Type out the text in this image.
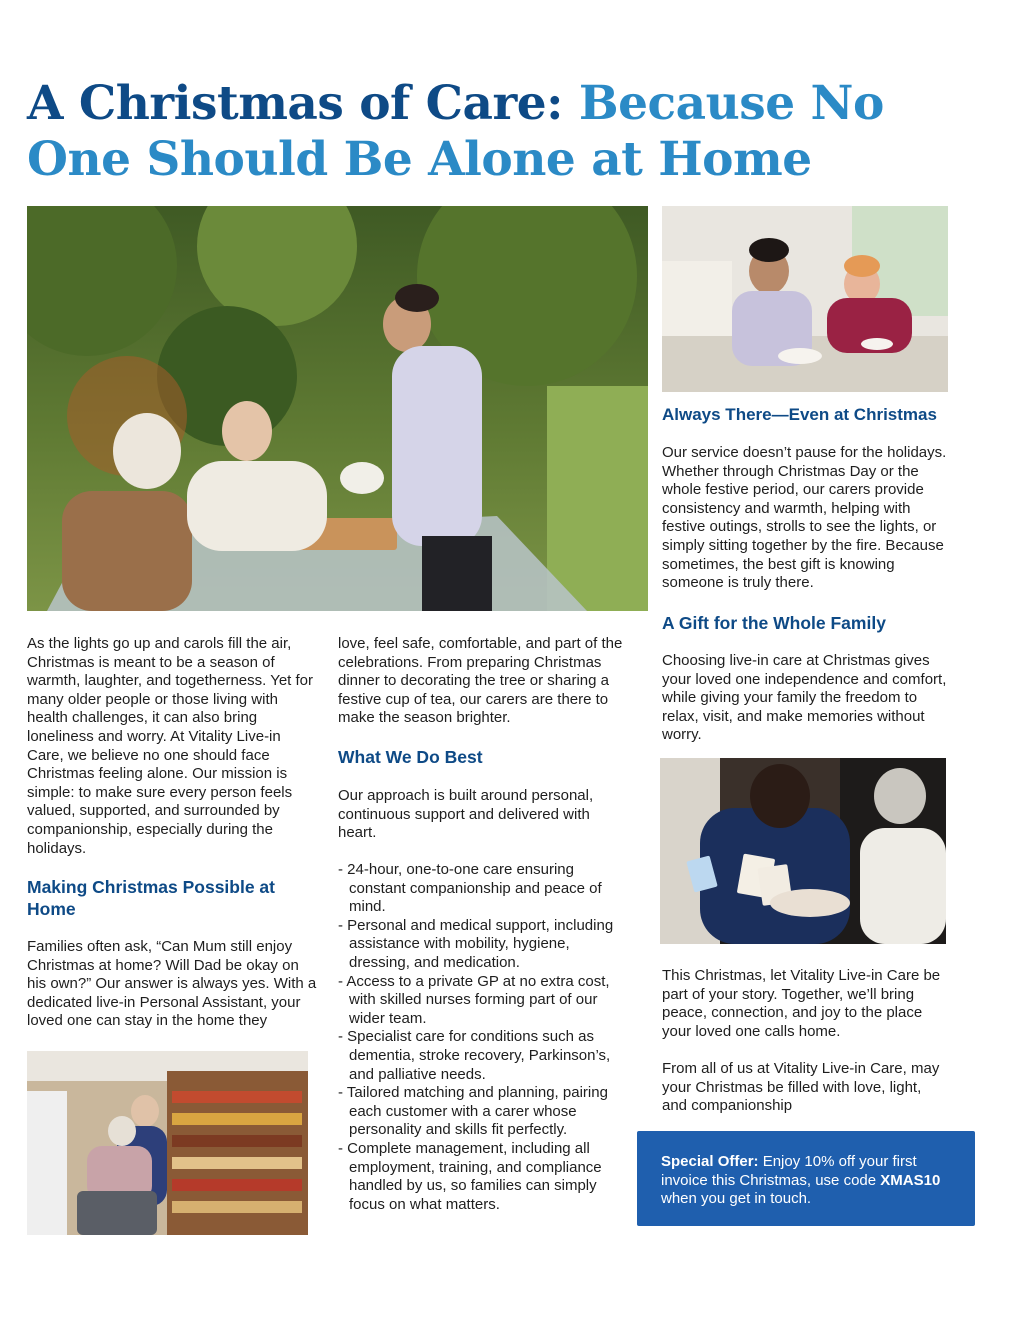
A Christmas of Care: Because No One Should Be Alone at Home

As the lights go up and carols fill the air, Christmas is meant to be a season of warmth, laughter, and togetherness. Yet for many older people or those living with health challenges, it can also bring loneliness and worry. At Vitality Live-in Care, we believe no one should face Christmas feeling alone. Our mission is simple: to make sure every person feels valued, supported, and surrounded by companionship, especially during the holidays.

Making Christmas Possible at Home

Families often ask, “Can Mum still enjoy Christmas at home? Will Dad be okay on his own?” Our answer is always yes. With a dedicated live-in Personal Assistant, your loved one can stay in the home they

love, feel safe, comfortable, and part of the celebrations. From preparing Christmas dinner to decorating the tree or sharing a festive cup of tea, our carers are there to make the season brighter.

What We Do Best

Our approach is built around personal, continuous support and delivered with heart.

- 24-hour, one-to-one care ensuring constant companionship and peace of mind.
- Personal and medical support, including assistance with mobility, hygiene, dressing, and medication.
- Access to a private GP at no extra cost, with skilled nurses forming part of our wider team.
- Specialist care for conditions such as dementia, stroke recovery, Parkinson’s, and palliative needs.
- Tailored matching and planning, pairing each customer with a carer whose personality and skills fit perfectly.
- Complete management, including all employment, training, and compliance handled by us, so families can simply focus on what matters.
Always There—Even at Christmas

Our service doesn’t pause for the holidays. Whether through Christmas Day or the whole festive period, our carers provide consistency and warmth, helping with festive outings, strolls to see the lights, or simply sitting together by the fire. Because sometimes, the best gift is knowing someone is truly there.

A Gift for the Whole Family

Choosing live-in care at Christmas gives your loved one independence and comfort, while giving your family the freedom to relax, visit, and make memories without worry.

This Christmas, let Vitality Live-in Care be part of your story. Together, we’ll bring peace, connection, and joy to the place your loved one calls home.

From all of us at Vitality Live-in Care, may your Christmas be filled with love, light, and companionship

Special Offer: Enjoy 10% off your first invoice this Christmas, use code XMAS10 when you get in touch.
